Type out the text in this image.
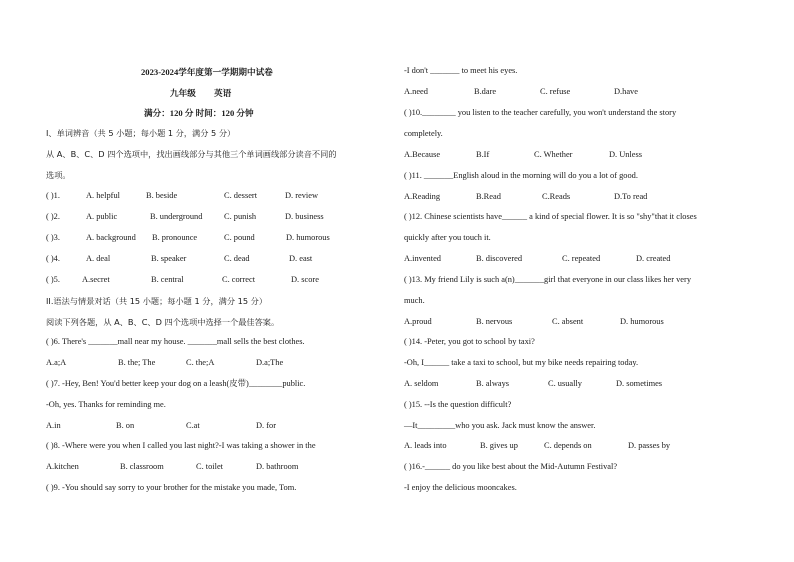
2023-2024学年度第一学期期中试卷
九年级 英语
满分：120 分 时间：120 分钟
I、单词辨音（共 5 小题；每小题 1 分，满分 5 分）
从 A、B、C、D 四个选项中，找出画线部分与其他三个单词画线部分读音不同的
选项。
( )1.	A. helpful	B. beside	C. dessert	D. review
( )2.	A. public	B. underground	C. punish	D. business
( )3.	A. background B. pronounce	C. pound	D. humorous
( )4.	A. deal	B. speaker	C. dead	D. east
( )5.	A.secret	B. central	C. correct	D. score
II.语法与情景对话（共 15 小题；每小题 1 分，满分 15 分）
阅读下列各题，从 A、B、C、D 四个选项中选择一个最佳答案。
( )6. There's _______mall near my house. _______mall sells the best clothes.
A.a;A	B. the; The	C. the;A	D.a;The
( )7. -Hey, Ben! You'd better keep your dog on a leash(皮带)________public.
-Oh, yes. Thanks for reminding me.
A.in	B. on	C.at	D. for
( )8. -Where were you when I called you last night?-I was taking a shower in the
A.kitchen	B. classroom	C. toilet	D. bathroom
( )9. -You should say sorry to your brother for the mistake you made, Tom.
-I don't _______ to meet his eyes.
A.need	B.dare	C. refuse	D.have
( )10.________ you listen to the teacher carefully, you won't understand the story
completely.
A.Because	B.If	C. Whether	D. Unless
( )11. _______English aloud in the morning will do you a lot of good.
A.Reading	B.Read	C.Reads	D.To read
( )12. Chinese scientists have______ a kind of special flower. It is so "shy"that it closes
quickly after you touch it.
A.invented	B. discovered	C. repeated	D. created
( )13. My friend Lily is such a(n)_______girl that everyone in our class likes her very
much.
A.proud	B. nervous	C. absent	D. humorous
( )14. -Peter, you got to school by taxi?
-Oh, I______ take a taxi to school, but my bike needs repairing today.
A. seldom	B. always	C. usually	D. sometimes
( )15. --Is the question difficult?
—It_________who you ask. Jack must know the answer.
A. leads into	B. gives up	C. depends on	D. passes by
( )16.-______ do you like best about the Mid-Autumn Festival?
-I enjoy the delicious mooncakes.
